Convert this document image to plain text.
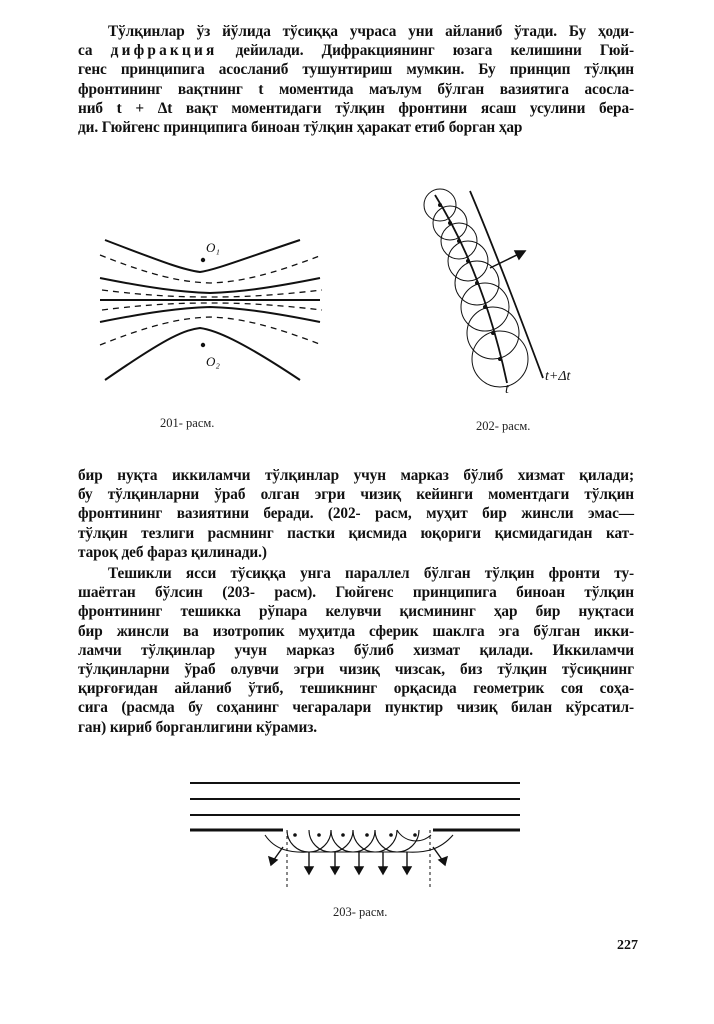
Тўлқинлар ўз йўлида тўсиққа учраса уни айланиб ўтади. Бу ҳоди-
са дифракция дейилади. Дифракциянинг юзага келишини Гюй-
генс принципига асосланиб тушунтириш мумкин. Бу принцип тўлқин
фронтининг вақтнинг t моментида маълум бўлган вазиятига асосла-
ниб t + Δt вақт моментидаги тўлқин фронтини ясаш усулини бера-
ди. Гюйгенс принципига биноан тўлқин ҳаракат етиб борган ҳар
O₁
O₂
201- расм.
t
t+Δt
202- расм.
бир нуқта иккиламчи тўлқинлар учун марказ бўлиб хизмат қилади;
бу тўлқинларни ўраб олган эгри чизиқ кейинги моментдаги тўлқин
фронтининг вазиятини беради. (202- расм, муҳит бир жинсли эмас—
тўлқин тезлиги расмнинг пастки қисмида юқориги қисмидагидан кат-
тароқ деб фараз қилинади.)
Тешикли ясси тўсиққа унга параллел бўлган тўлқин фронти ту-
шаётган бўлсин (203- расм). Гюйгенс принципига биноан тўлқин
фронтининг тешикка рўпара келувчи қисмининг ҳар бир нуқтаси
бир жинсли ва изотропик муҳитда сферик шаклга эга бўлган икки-
ламчи тўлқинлар учун марказ бўлиб хизмат қилади. Иккиламчи
тўлқинларни ўраб олувчи эгри чизиқ чизсак, биз тўлқин тўсиқнинг
қирғоғидан айланиб ўтиб, тешикнинг орқасида геометрик соя соҳа-
сига (расмда бу соҳанинг чегаралари пунктир чизиқ билан кўрсатил-
ган) кириб борганлигини кўрамиз.
203- расм.
227
